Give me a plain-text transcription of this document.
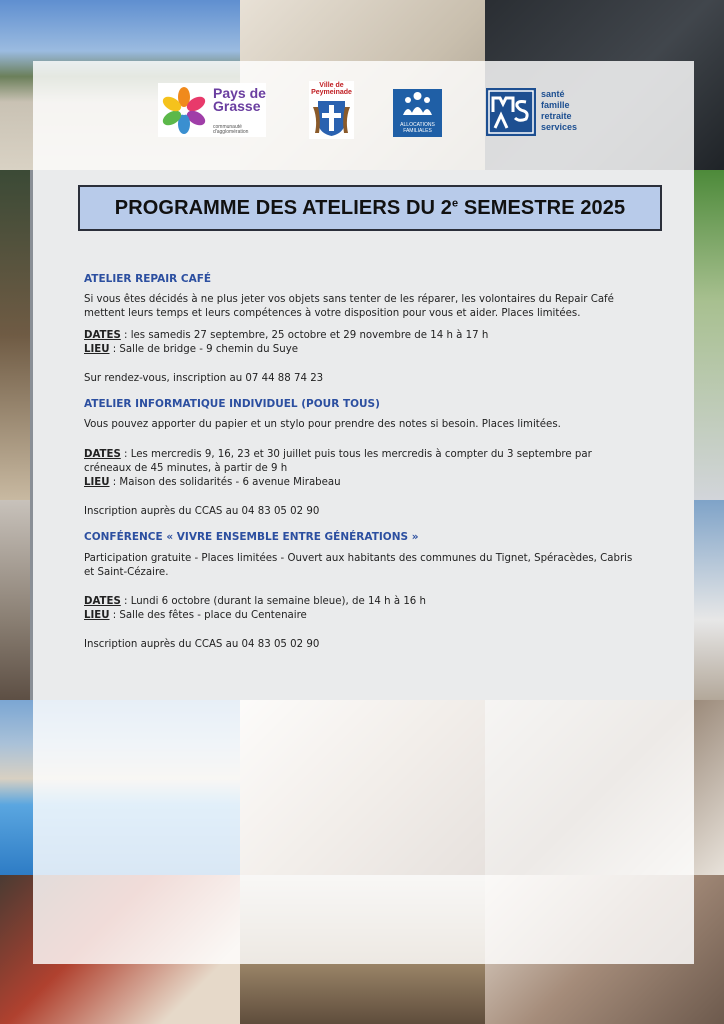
Pays de Grasse
communauté d'agglomération
Ville de Peymeinade
ALLOCATIONS FAMILIALES
santé
famille
retraite
services
PROGRAMME DES ATELIERS DU 2e SEMESTRE 2025

ATELIER REPAIR CAFÉ

Si vous êtes décidés à ne plus jeter vos objets sans tenter de les réparer, les volontaires du Repair Café mettent leurs temps et leurs compétences à votre disposition pour vous et aider. Places limitées.

DATES : les samedis 27 septembre, 25 octobre et 29 novembre de 14 h à 17 h

LIEU : Salle de bridge - 9 chemin du Suye

Sur rendez-vous, inscription au 07 44 88 74 23

ATELIER INFORMATIQUE INDIVIDUEL (POUR TOUS)

Vous pouvez apporter du papier et un stylo pour prendre des notes si besoin. Places limitées.

DATES : Les mercredis 9, 16, 23 et 30 juillet puis tous les mercredis à compter du 3 septembre par créneaux de 45 minutes, à partir de 9 h

LIEU : Maison des solidarités - 6 avenue Mirabeau

Inscription auprès du CCAS au 04 83 05 02 90

CONFÉRENCE « VIVRE ENSEMBLE ENTRE GÉNÉRATIONS »

Participation gratuite - Places limitées - Ouvert aux habitants des communes du Tignet, Spéracèdes, Cabris et Saint-Cézaire.

DATES : Lundi 6 octobre (durant la semaine bleue), de 14 h à 16 h

LIEU : Salle des fêtes - place du Centenaire

Inscription auprès du CCAS au 04 83 05 02 90
